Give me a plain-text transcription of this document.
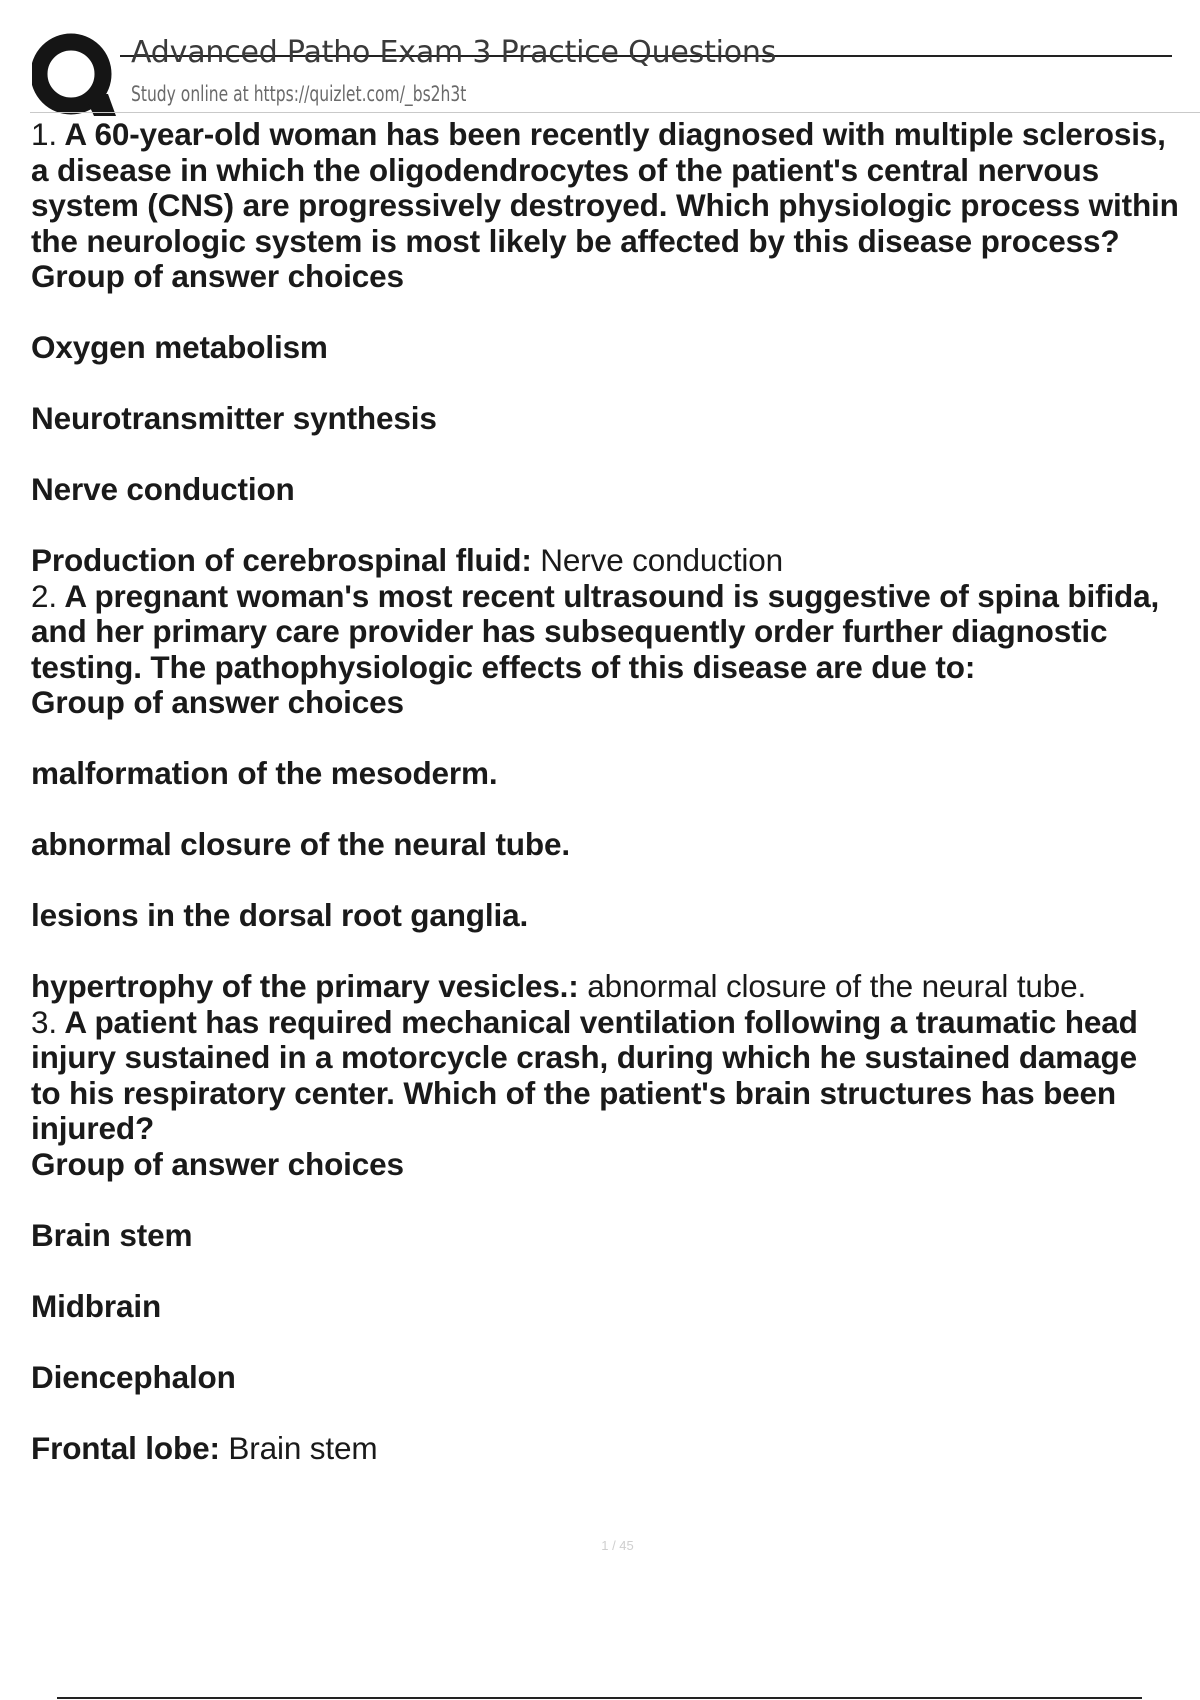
Advanced Patho Exam 3 Practice Questions
Study online at https://quizlet.com/_bs2h3t
1. A 60-year-old woman has been recently diagnosed with multiple sclerosis,
a disease in which the oligodendrocytes of the patient's central nervous
system (CNS) are progressively destroyed. Which physiologic process within
the neurologic system is most likely be affected by this disease process?
Group of answer choices
Oxygen metabolism
Neurotransmitter synthesis
Nerve conduction
Production of cerebrospinal fluid: Nerve conduction
2. A pregnant woman's most recent ultrasound is suggestive of spina bifida,
and her primary care provider has subsequently order further diagnostic
testing. The pathophysiologic effects of this disease are due to:
Group of answer choices
malformation of the mesoderm.
abnormal closure of the neural tube.
lesions in the dorsal root ganglia.
hypertrophy of the primary vesicles.: abnormal closure of the neural tube.
3. A patient has required mechanical ventilation following a traumatic head
injury sustained in a motorcycle crash, during which he sustained damage
to his respiratory center. Which of the patient's brain structures has been
injured?
Group of answer choices
Brain stem
Midbrain
Diencephalon
Frontal lobe: Brain stem
1 / 45
